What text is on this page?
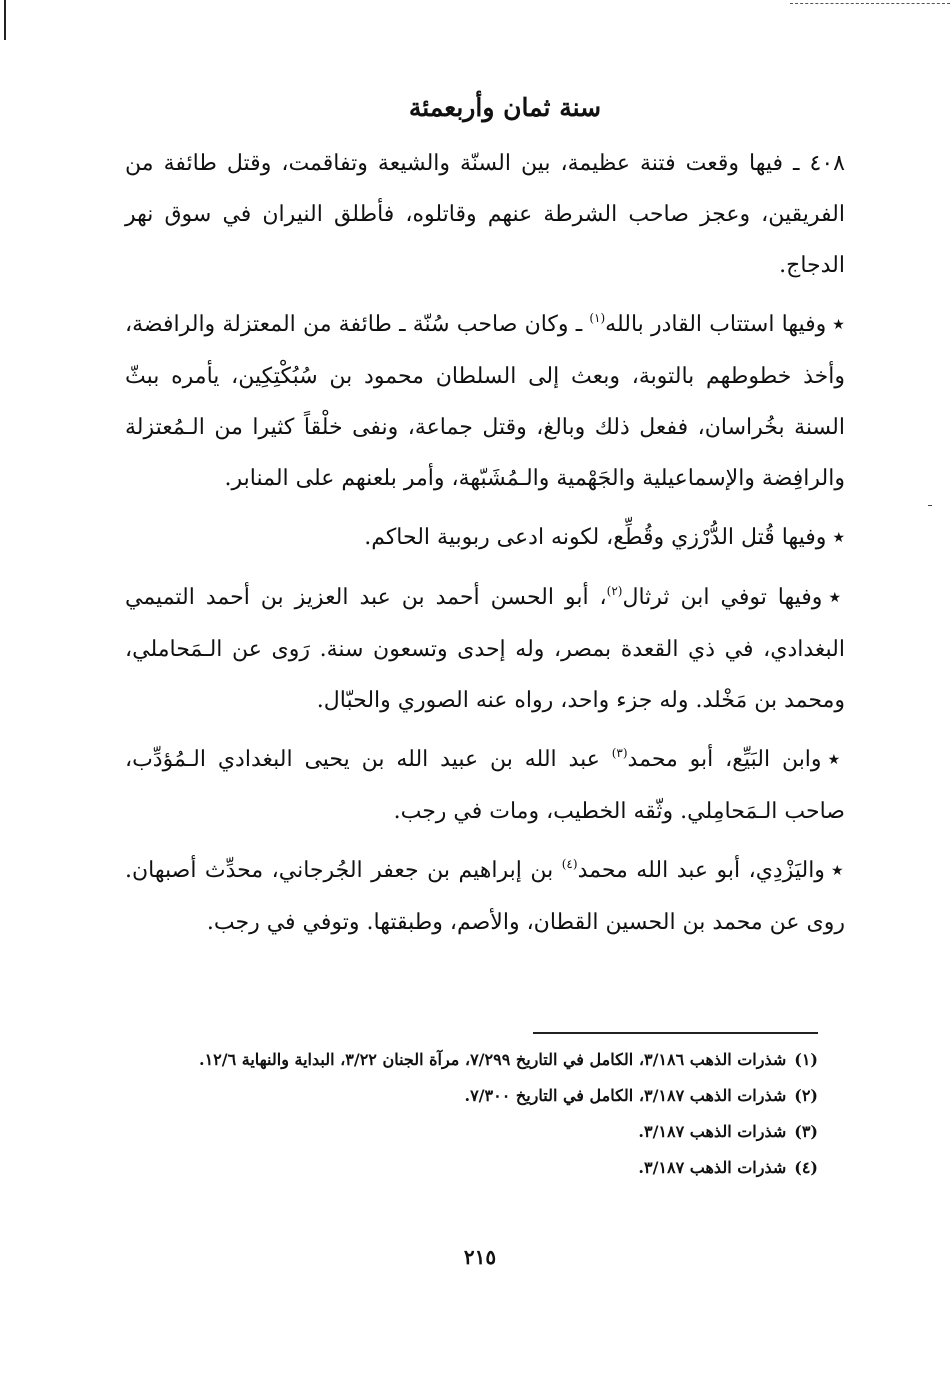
سنة ثمان وأربعمئة

٤٠٨ ـ فيها وقعت فتنة عظيمة، بين السنّة والشيعة وتفاقمت، وقتل طائفة من الفريقين، وعجز صاحب الشرطة عنهم وقاتلوه، فأطلق النيران في سوق نهر الدجاج.

★وفيها استتاب القادر بالله$^{(١)}$ ـ وكان صاحب سُنّة ـ طائفة من المعتزلة والرافضة، وأخذ خطوطهم بالتوبة، وبعث إلى السلطان محمود بن سُبُكْتِكِين، يأمره ببثّ السنة بخُراسان، ففعل ذلك وبالغ، وقتل جماعة، ونفى خلْقاً كثيرا من الـمُعتزلة والرافِضة والإسماعيلية والجَهْمية والـمُشَبّهة، وأمر بلعنهم على المنابر.

★وفيها قُتل الدُّرْزي وقُطِّع، لكونه ادعى ربوبية الحاكم.

★وفيها توفي ابن ثرثال$^{(٢)}$، أبو الحسن أحمد بن عبد العزيز بن أحمد التميمي البغدادي، في ذي القعدة بمصر، وله إحدى وتسعون سنة. رَوى عن الـمَحاملي، ومحمد بن مَخْلد. وله جزء واحد، رواه عنه الصوري والحبّال.

★وابن البَيِّع، أبو محمد$^{(٣)}$ عبد الله بن عبيد الله بن يحيى البغدادي الـمُؤدِّب، صاحب الـمَحامِلي. وثّقه الخطيب، ومات في رجب.

★واليَزْدِي، أبو عبد الله محمد$^{(٤)}$ بن إبراهيم بن جعفر الجُرجاني، محدِّث أصبهان. روى عن محمد بن الحسين القطان، والأصم، وطبقتها. وتوفي في رجب.

(١)شذرات الذهب ٣/١٨٦، الكامل في التاريخ ٧/٢٩٩، مرآة الجنان ٣/٢٢، البداية والنهاية ١٢/٦.
(٢)شذرات الذهب ٣/١٨٧، الكامل في التاريخ ٧/٣٠٠.
(٣)شذرات الذهب ٣/١٨٧.
(٤)شذرات الذهب ٣/١٨٧.
٢١٥
